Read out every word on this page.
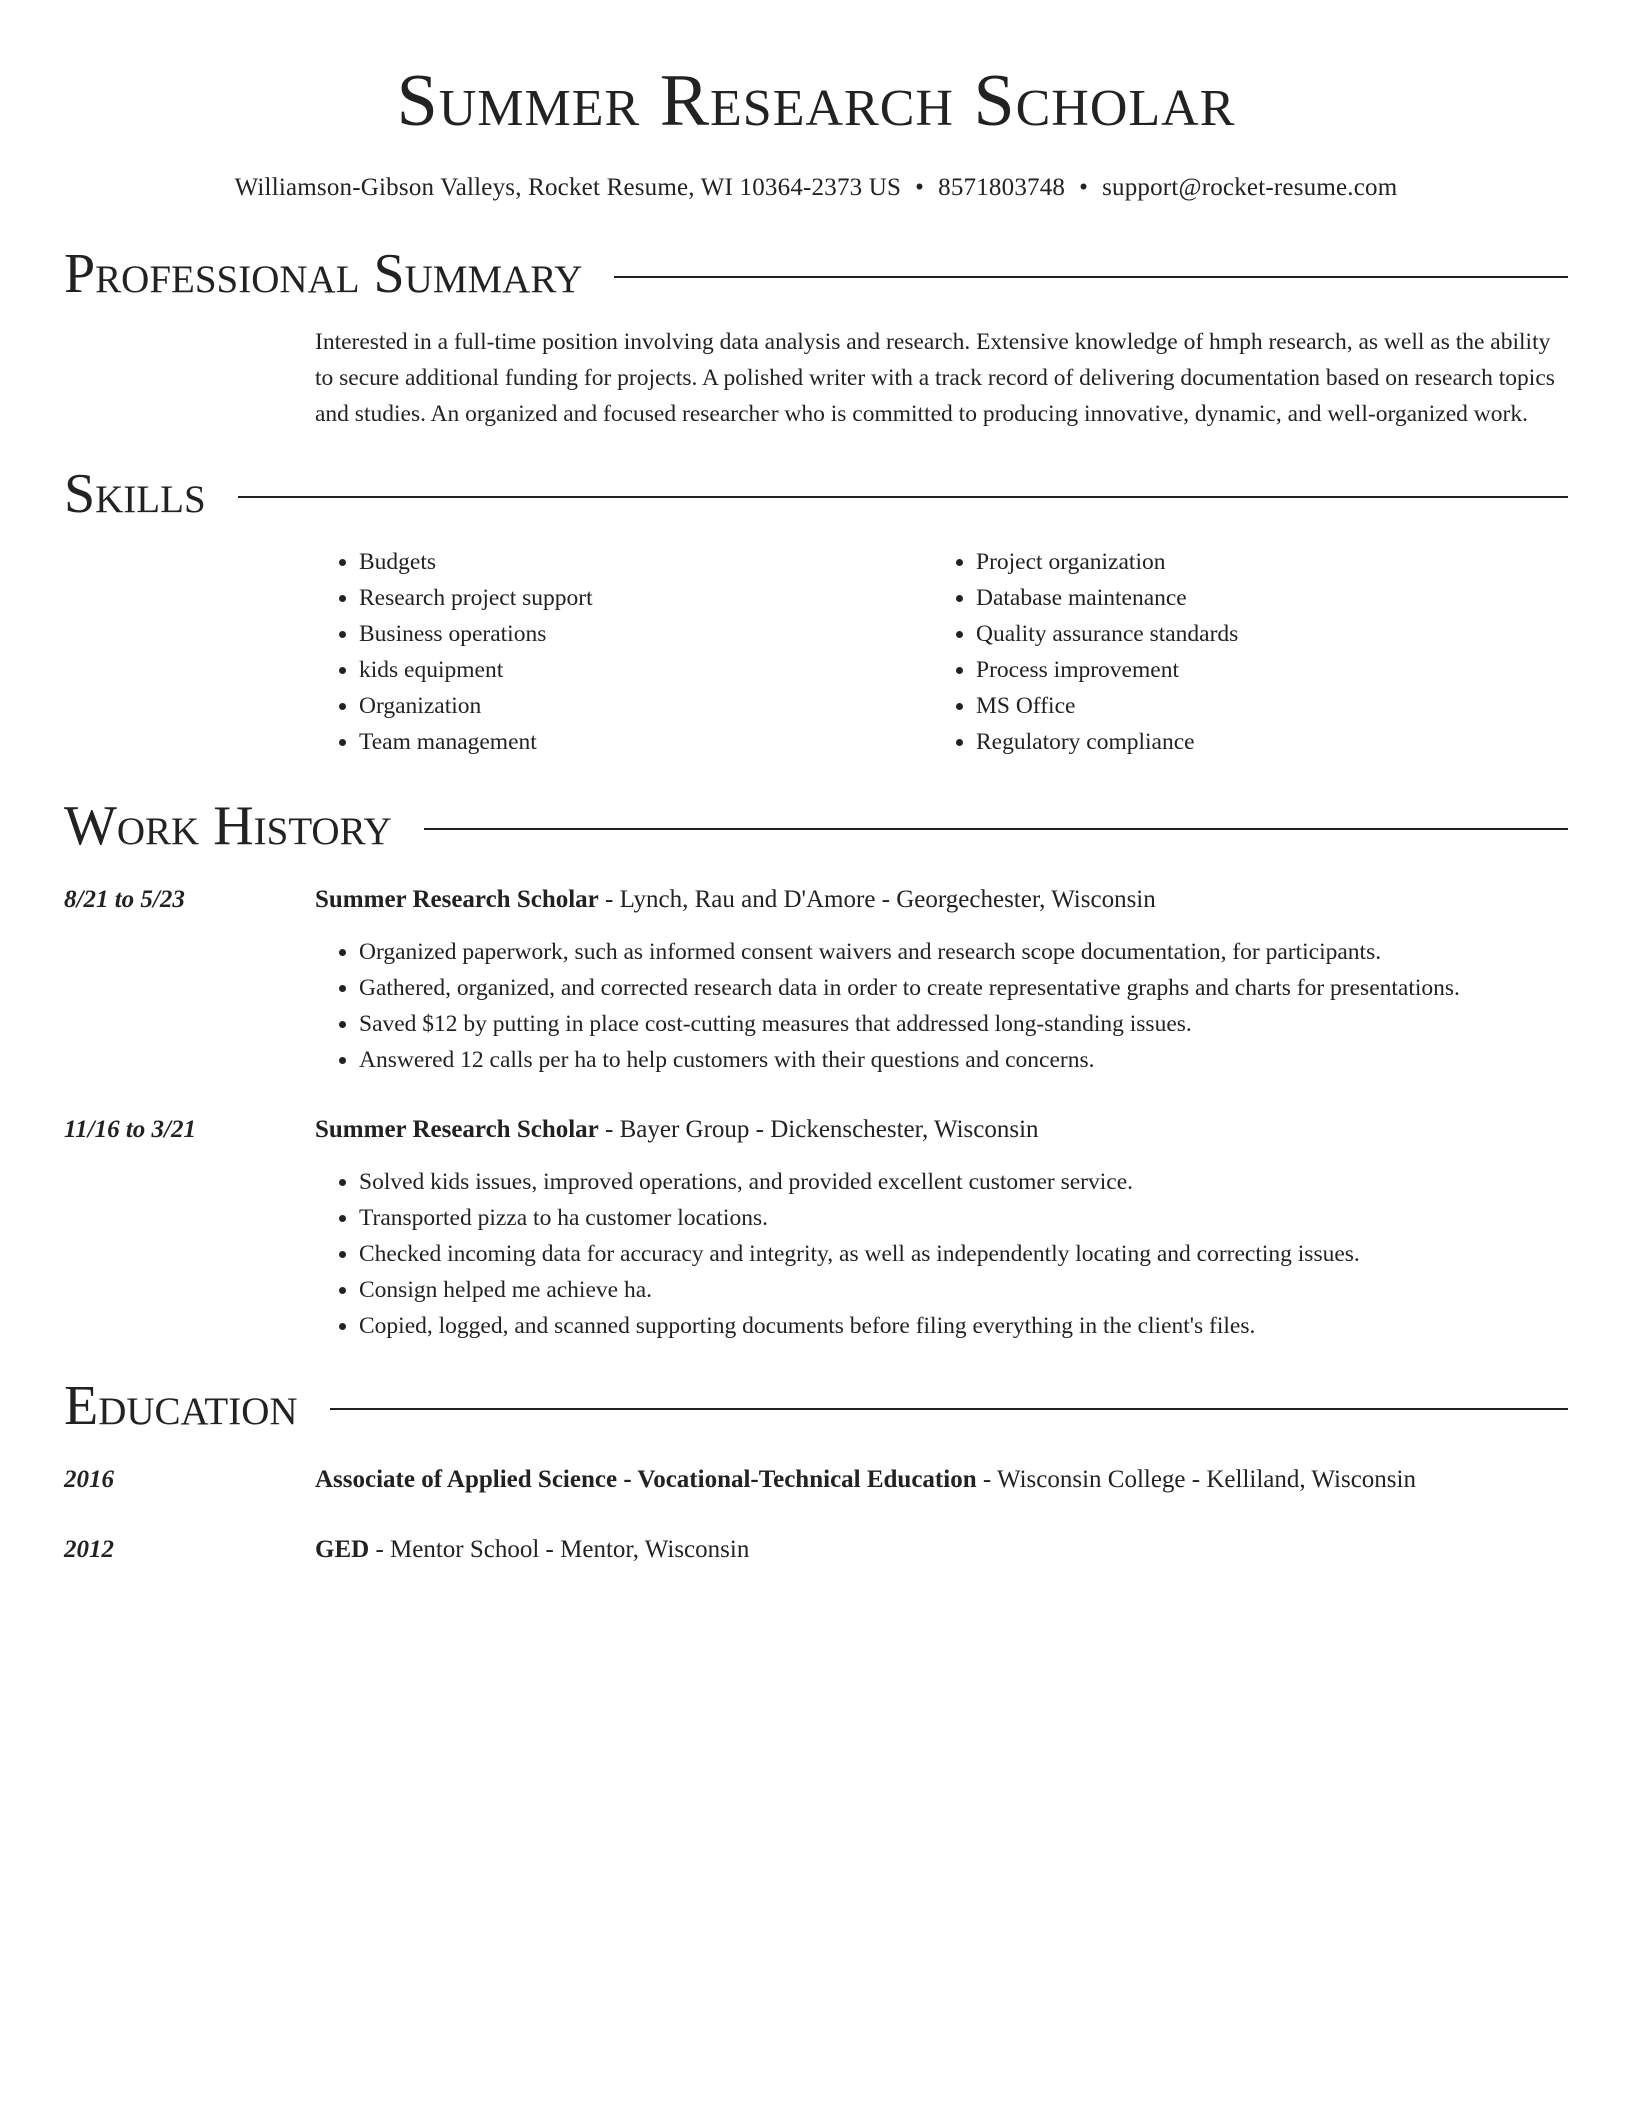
Summer Research Scholar
Williamson-Gibson Valleys, Rocket Resume, WI 10364-2373 US • 8571803748 • support@rocket-resume.com
Professional Summary

Interested in a full-time position involving data analysis and research. Extensive knowledge of hmph research, as well as the ability to secure additional funding for projects. A polished writer with a track record of delivering documentation based on research topics and studies. An organized and focused researcher who is committed to producing innovative, dynamic, and well-organized work.

Skills
• Budgets
• Research project support
• Business operations
• kids equipment
• Organization
• Team management
• Project organization
• Database maintenance
• Quality assurance standards
• Process improvement
• MS Office
• Regulatory compliance
Work History
8/21 to 5/23	Summer Research Scholar - Lynch, Rau and D'Amore - Georgechester, Wisconsin
• Organized paperwork, such as informed consent waivers and research scope documentation, for participants.
• Gathered, organized, and corrected research data in order to create representative graphs and charts for presentations.
• Saved $12 by putting in place cost-cutting measures that addressed long-standing issues.
• Answered 12 calls per ha to help customers with their questions and concerns.
11/16 to 3/21	Summer Research Scholar - Bayer Group - Dickenschester, Wisconsin
• Solved kids issues, improved operations, and provided excellent customer service.
• Transported pizza to ha customer locations.
• Checked incoming data for accuracy and integrity, as well as independently locating and correcting issues.
• Consign helped me achieve ha.
• Copied, logged, and scanned supporting documents before filing everything in the client's files.
Education
2016	Associate of Applied Science - Vocational-Technical Education - Wisconsin College - Kelliland, Wisconsin
2012	GED - Mentor School - Mentor, Wisconsin
